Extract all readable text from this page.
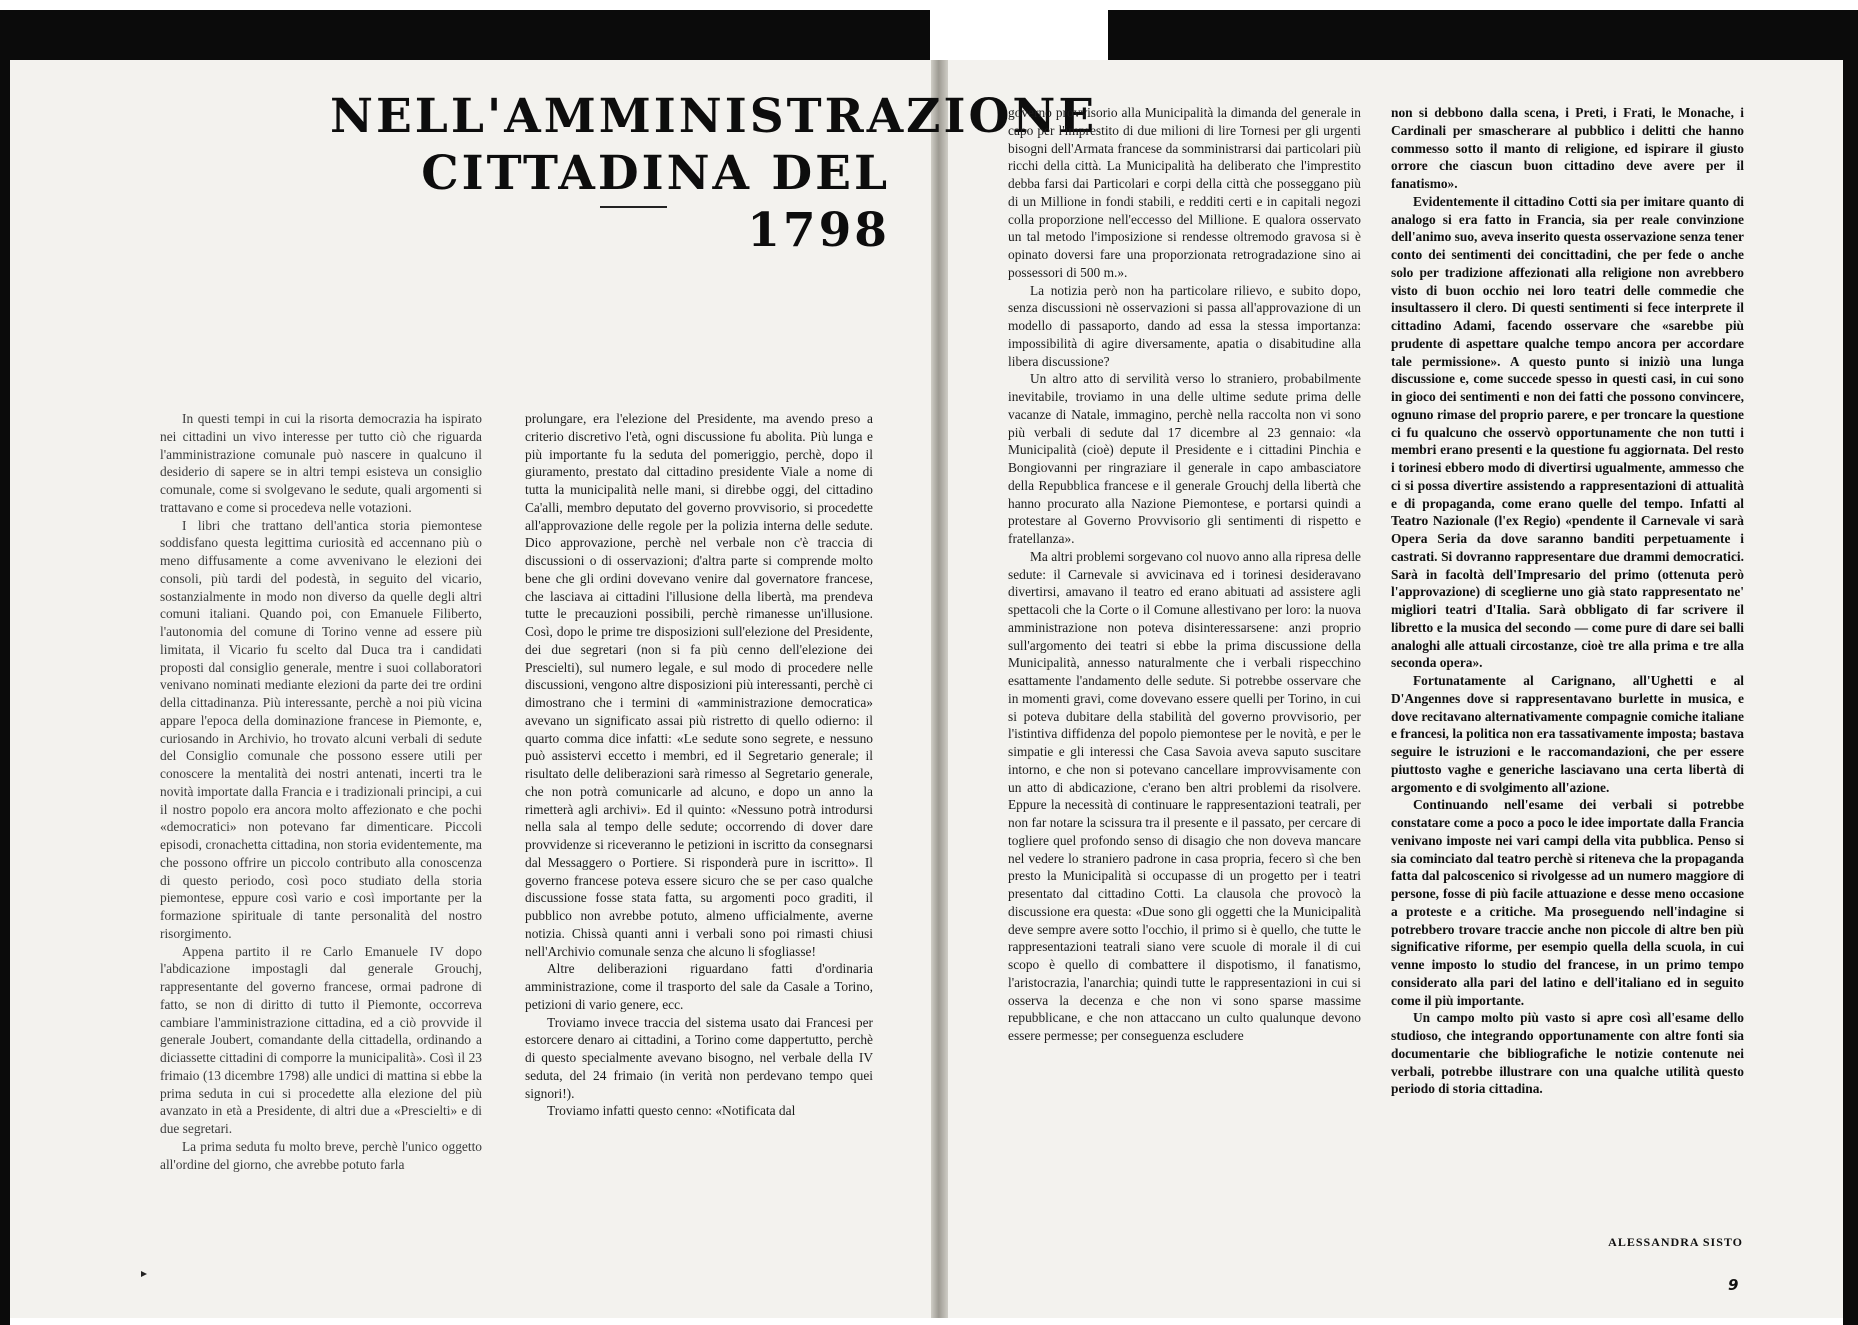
NELL'AMMINISTRAZIONE
CITTADINA DEL 1798

In questi tempi in cui la risorta democrazia ha ispirato nei cittadini un vivo interesse per tutto ciò che riguarda l'amministrazione comunale può nascere in qualcuno il desiderio di sapere se in altri tempi esisteva un consiglio comunale, come si svolgevano le sedute, quali argomenti si trattavano e come si procedeva nelle votazioni.

I libri che trattano dell'antica storia piemontese soddisfano questa legittima curiosità ed accennano più o meno diffusamente a come avvenivano le elezioni dei consoli, più tardi del podestà, in seguito del vicario, sostanzialmente in modo non diverso da quelle degli altri comuni italiani. Quando poi, con Emanuele Filiberto, l'autonomia del comune di Torino venne ad essere più limitata, il Vicario fu scelto dal Duca tra i candidati proposti dal consiglio generale, mentre i suoi collaboratori venivano nominati mediante elezioni da parte dei tre ordini della cittadinanza. Più interessante, perchè a noi più vicina appare l'epoca della dominazione francese in Piemonte, e, curiosando in Archivio, ho trovato alcuni verbali di sedute del Consiglio comunale che possono essere utili per conoscere la mentalità dei nostri antenati, incerti tra le novità importate dalla Francia e i tradizionali principi, a cui il nostro popolo era ancora molto affezionato e che pochi «democratici» non potevano far dimenticare. Piccoli episodi, cronachetta cittadina, non storia evidentemente, ma che possono offrire un piccolo contributo alla conoscenza di questo periodo, così poco studiato della storia piemontese, eppure così vario e così importante per la formazione spirituale di tante personalità del nostro risorgimento.

Appena partito il re Carlo Emanuele IV dopo l'abdicazione impostagli dal generale Grouchj, rappresentante del governo francese, ormai padrone di fatto, se non di diritto di tutto il Piemonte, occorreva cambiare l'amministrazione cittadina, ed a ciò provvide il generale Joubert, comandante della cittadella, ordinando a diciassette cittadini di comporre la municipalità». Così il 23 frimaio (13 dicembre 1798) alle undici di mattina si ebbe la prima seduta in cui si procedette alla elezione del più avanzato in età a Presidente, di altri due a «Prescielti» e di due segretari.

La prima seduta fu molto breve, perchè l'unico oggetto all'ordine del giorno, che avrebbe potuto farla

prolungare, era l'elezione del Presidente, ma avendo preso a criterio discretivo l'età, ogni discussione fu abolita. Più lunga e più importante fu la seduta del pomeriggio, perchè, dopo il giuramento, prestato dal cittadino presidente Viale a nome di tutta la municipalità nelle mani, si direbbe oggi, del cittadino Ca'alli, membro deputato del governo provvisorio, si procedette all'approvazione delle regole per la polizia interna delle sedute. Dico approvazione, perchè nel verbale non c'è traccia di discussioni o di osservazioni; d'altra parte si comprende molto bene che gli ordini dovevano venire dal governatore francese, che lasciava ai cittadini l'illusione della libertà, ma prendeva tutte le precauzioni possibili, perchè rimanesse un'illusione. Così, dopo le prime tre disposizioni sull'elezione del Presidente, dei due segretari (non si fa più cenno dell'elezione dei Prescielti), sul numero legale, e sul modo di procedere nelle discussioni, vengono altre disposizioni più interessanti, perchè ci dimostrano che i termini di «amministrazione democratica» avevano un significato assai più ristretto di quello odierno: il quarto comma dice infatti: «Le sedute sono segrete, e nessuno può assistervi eccetto i membri, ed il Segretario generale; il risultato delle deliberazioni sarà rimesso al Segretario generale, che non potrà comunicarle ad alcuno, e dopo un anno la rimetterà agli archivi». Ed il quinto: «Nessuno potrà introdursi nella sala al tempo delle sedute; occorrendo di dover dare provvidenze si riceveranno le petizioni in iscritto da consegnarsi dal Messaggero o Portiere. Si risponderà pure in iscritto». Il governo francese poteva essere sicuro che se per caso qualche discussione fosse stata fatta, su argomenti poco graditi, il pubblico non avrebbe potuto, almeno ufficialmente, averne notizia. Chissà quanti anni i verbali sono poi rimasti chiusi nell'Archivio comunale senza che alcuno li sfogliasse!

Altre deliberazioni riguardano fatti d'ordinaria amministrazione, come il trasporto del sale da Casale a Torino, petizioni di vario genere, ecc.

Troviamo invece traccia del sistema usato dai Francesi per estorcere denaro ai cittadini, a Torino come dappertutto, perchè di questo specialmente avevano bisogno, nel verbale della IV seduta, del 24 frimaio (in verità non perdevano tempo quei signori!).

Troviamo infatti questo cenno: «Notificata dal

governo provvisorio alla Municipalità la dimanda del generale in capo per l'imprestito di due milioni di lire Tornesi per gli urgenti bisogni dell'Armata francese da somministrarsi dai particolari più ricchi della città. La Municipalità ha deliberato che l'imprestito debba farsi dai Particolari e corpi della città che posseggano più di un Millione in fondi stabili, e redditi certi e in capitali negozi colla proporzione nell'eccesso del Millione. E qualora osservato un tal metodo l'imposizione si rendesse oltremodo gravosa si è opinato doversi fare una proporzionata retrogradazione sino ai possessori di 500 m.».

La notizia però non ha particolare rilievo, e subito dopo, senza discussioni nè osservazioni si passa all'approvazione di un modello di passaporto, dando ad essa la stessa importanza: impossibilità di agire diversamente, apatia o disabitudine alla libera discussione?

Un altro atto di servilità verso lo straniero, probabilmente inevitabile, troviamo in una delle ultime sedute prima delle vacanze di Natale, immagino, perchè nella raccolta non vi sono più verbali di sedute dal 17 dicembre al 23 gennaio: «la Municipalità (cioè) depute il Presidente e i cittadini Pinchia e Bongiovanni per ringraziare il generale in capo ambasciatore della Repubblica francese e il generale Grouchj della libertà che hanno procurato alla Nazione Piemontese, e portarsi quindi a protestare al Governo Provvisorio gli sentimenti di rispetto e fratellanza».

Ma altri problemi sorgevano col nuovo anno alla ripresa delle sedute: il Carnevale si avvicinava ed i torinesi desideravano divertirsi, amavano il teatro ed erano abituati ad assistere agli spettacoli che la Corte o il Comune allestivano per loro: la nuova amministrazione non poteva disinteressarsene: anzi proprio sull'argomento dei teatri si ebbe la prima discussione della Municipalità, annesso naturalmente che i verbali rispecchino esattamente l'andamento delle sedute. Si potrebbe osservare che in momenti gravi, come dovevano essere quelli per Torino, in cui si poteva dubitare della stabilità del governo provvisorio, per l'istintiva diffidenza del popolo piemontese per le novità, e per le simpatie e gli interessi che Casa Savoia aveva saputo suscitare intorno, e che non si potevano cancellare improvvisamente con un atto di abdicazione, c'erano ben altri problemi da risolvere. Eppure la necessità di continuare le rappresentazioni teatrali, per non far notare la scissura tra il presente e il passato, per cercare di togliere quel profondo senso di disagio che non doveva mancare nel vedere lo straniero padrone in casa propria, fecero sì che ben presto la Municipalità si occupasse di un progetto per i teatri presentato dal cittadino Cotti. La clausola che provocò la discussione era questa: «Due sono gli oggetti che la Municipalità deve sempre avere sotto l'occhio, il primo si è quello, che tutte le rappresentazioni teatrali siano vere scuole di morale il di cui scopo è quello di combattere il dispotismo, il fanatismo, l'aristocrazia, l'anarchia; quindi tutte le rappresentazioni in cui si osserva la decenza e che non vi sono sparse massime repubblicane, e che non attaccano un culto qualunque devono essere permesse; per conseguenza escludere

non si debbono dalla scena, i Preti, i Frati, le Monache, i Cardinali per smascherare al pubblico i delitti che hanno commesso sotto il manto di religione, ed ispirare il giusto orrore che ciascun buon cittadino deve avere per il fanatismo».

Evidentemente il cittadino Cotti sia per imitare quanto di analogo si era fatto in Francia, sia per reale convinzione dell'animo suo, aveva inserito questa osservazione senza tener conto dei sentimenti dei concittadini, che per fede o anche solo per tradizione affezionati alla religione non avrebbero visto di buon occhio nei loro teatri delle commedie che insultassero il clero. Di questi sentimenti si fece interprete il cittadino Adami, facendo osservare che «sarebbe più prudente di aspettare qualche tempo ancora per accordare tale permissione». A questo punto si iniziò una lunga discussione e, come succede spesso in questi casi, in cui sono in gioco dei sentimenti e non dei fatti che possono convincere, ognuno rimase del proprio parere, e per troncare la questione ci fu qualcuno che osservò opportunamente che non tutti i membri erano presenti e la questione fu aggiornata. Del resto i torinesi ebbero modo di divertirsi ugualmente, ammesso che ci si possa divertire assistendo a rappresentazioni di attualità e di propaganda, come erano quelle del tempo. Infatti al Teatro Nazionale (l'ex Regio) «pendente il Carnevale vi sarà Opera Seria da dove saranno banditi perpetuamente i castrati. Si dovranno rappresentare due drammi democratici. Sarà in facoltà dell'Impresario del primo (ottenuta però l'approvazione) di sceglierne uno già stato rappresentato ne' migliori teatri d'Italia. Sarà obbligato di far scrivere il libretto e la musica del secondo — come pure di dare sei balli analoghi alle attuali circostanze, cioè tre alla prima e tre alla seconda opera».

Fortunatamente al Carignano, all'Ughetti e al D'Angennes dove si rappresentavano burlette in musica, e dove recitavano alternativamente compagnie comiche italiane e francesi, la politica non era tassativamente imposta; bastava seguire le istruzioni e le raccomandazioni, che per essere piuttosto vaghe e generiche lasciavano una certa libertà di argomento e di svolgimento all'azione.

Continuando nell'esame dei verbali si potrebbe constatare come a poco a poco le idee importate dalla Francia venivano imposte nei vari campi della vita pubblica. Penso si sia cominciato dal teatro perchè si riteneva che la propaganda fatta dal palcoscenico si rivolgesse ad un numero maggiore di persone, fosse di più facile attuazione e desse meno occasione a proteste e a critiche. Ma proseguendo nell'indagine si potrebbero trovare traccie anche non piccole di altre ben più significative riforme, per esempio quella della scuola, in cui venne imposto lo studio del francese, in un primo tempo considerato alla pari del latino e dell'italiano ed in seguito come il più importante.

Un campo molto più vasto si apre così all'esame dello studioso, che integrando opportunamente con altre fonti sia documentarie che bibliografiche le notizie contenute nei verbali, potrebbe illustrare con una qualche utilità questo periodo di storia cittadina.

ALESSANDRA SISTO

9
